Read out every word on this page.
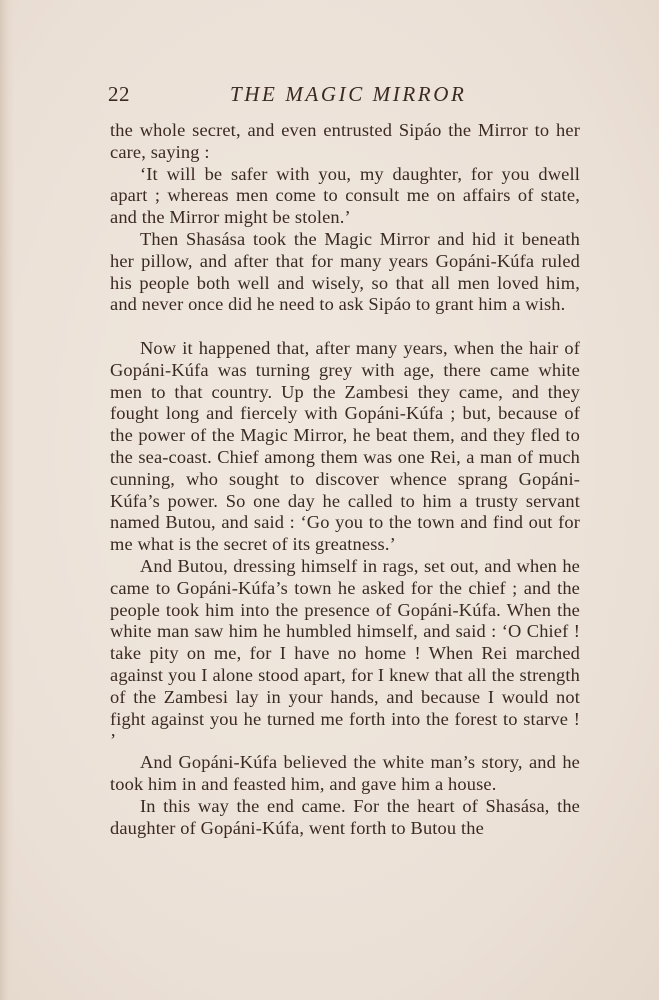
22	THE MAGIC MIRROR

the whole secret, and even entrusted Sipáo the Mirror to her care, saying :

‘It will be safer with you, my daughter, for you dwell apart ; whereas men come to consult me on affairs of state, and the Mirror might be stolen.’

Then Shasása took the Magic Mirror and hid it beneath her pillow, and after that for many years Gopáni-Kúfa ruled his people both well and wisely, so that all men loved him, and never once did he need to ask Sipáo to grant him a wish.

Now it happened that, after many years, when the hair of Gopáni-Kúfa was turning grey with age, there came white men to that country. Up the Zambesi they came, and they fought long and fiercely with Gopáni-Kúfa ; but, because of the power of the Magic Mirror, he beat them, and they fled to the sea-coast. Chief among them was one Rei, a man of much cunning, who sought to discover whence sprang Gopáni-Kúfa’s power. So one day he called to him a trusty servant named Butou, and said : ‘Go you to the town and find out for me what is the secret of its greatness.’

And Butou, dressing himself in rags, set out, and when he came to Gopáni-Kúfa’s town he asked for the chief ; and the people took him into the presence of Gopáni-Kúfa. When the white man saw him he humbled himself, and said : ‘O Chief ! take pity on me, for I have no home ! When Rei marched against you I alone stood apart, for I knew that all the strength of the Zambesi lay in your hands, and because I would not fight against you he turned me forth into the forest to starve ! ’

And Gopáni-Kúfa believed the white man’s story, and he took him in and feasted him, and gave him a house.

In this way the end came. For the heart of Shasása, the daughter of Gopáni-Kúfa, went forth to Butou the
